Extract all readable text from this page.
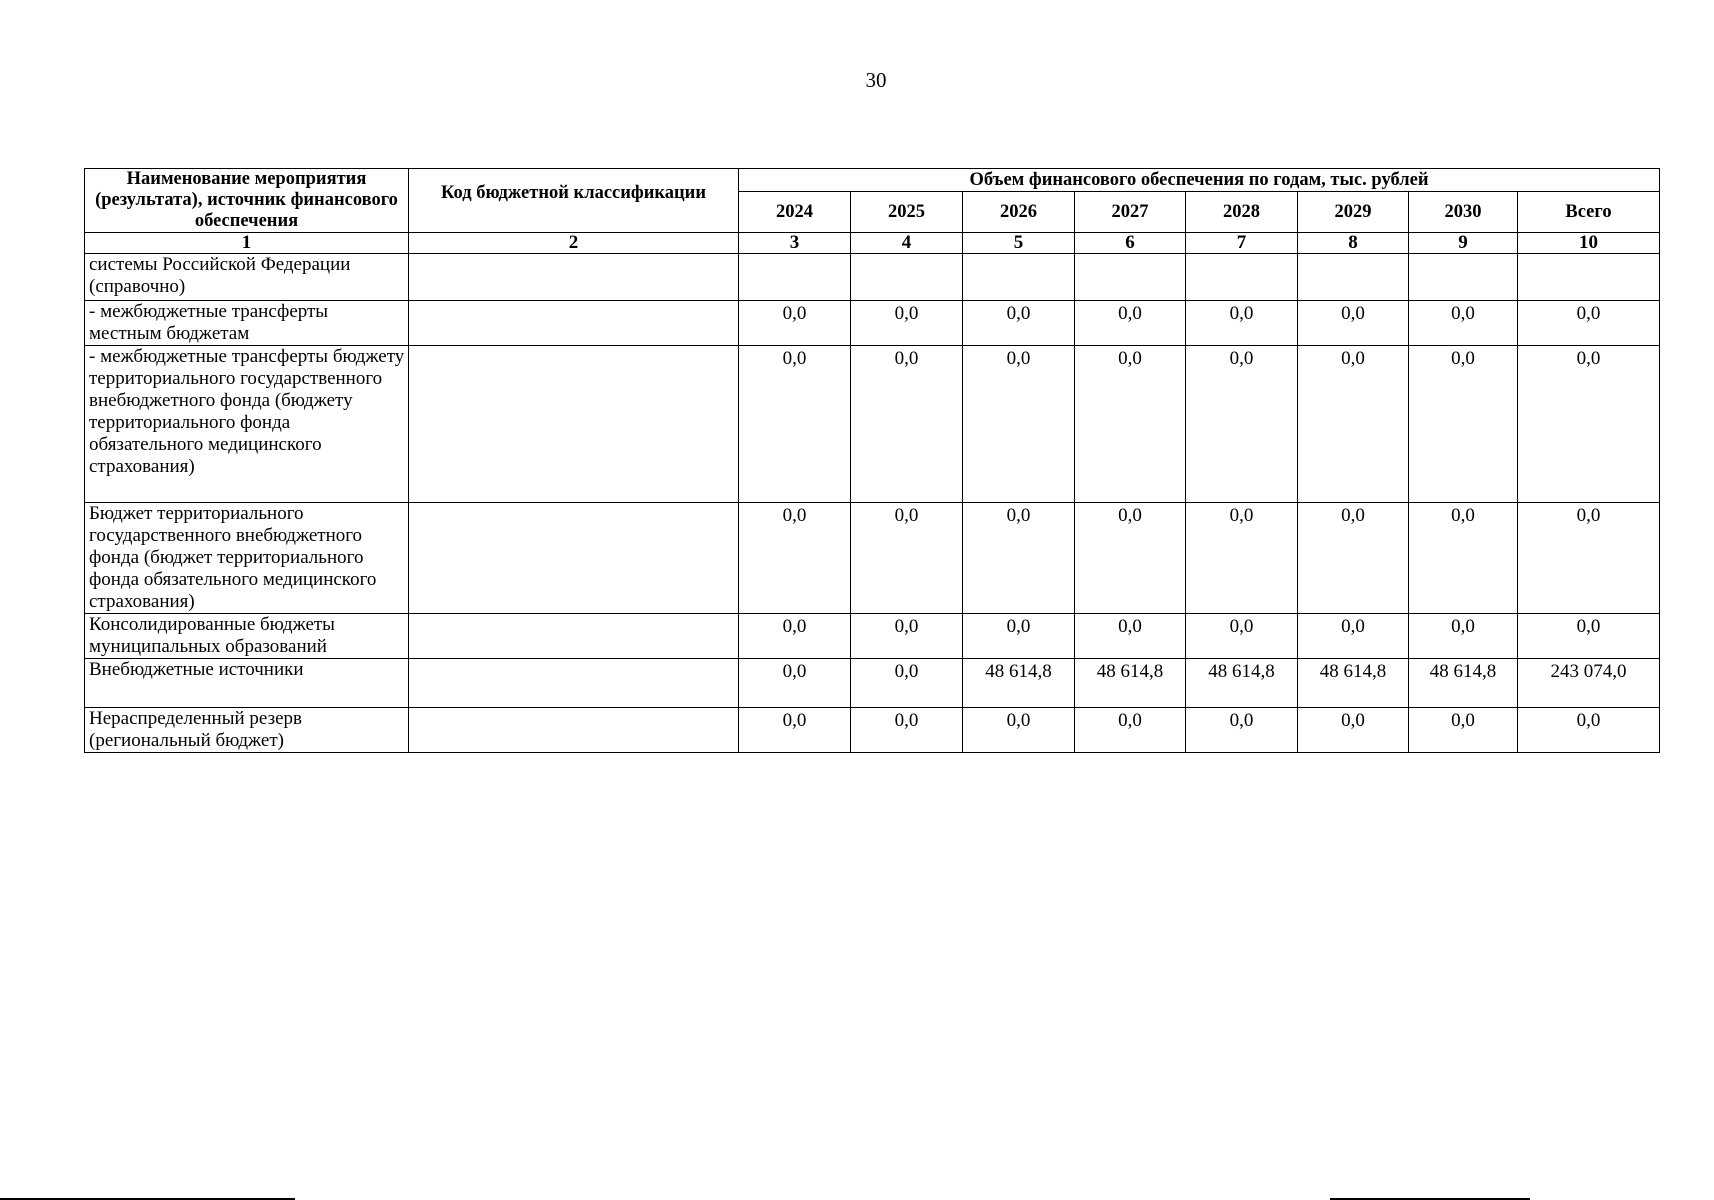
30
Наименование мероприятия (результата), источник финансового обеспечения	Код бюджетной классификации	Объем финансового обеспечения по годам, тыс. рублей							
		2024	2025	2026	2027	2028	2029	2030	Всего
1	2	3	4	5	6	7	8	9	10
системы Российской Федерации (справочно)									
- межбюджетные трансферты местным бюджетам		0,0	0,0	0,0	0,0	0,0	0,0	0,0	0,0
- межбюджетные трансферты бюджету территориального государственного внебюджетного фонда (бюджету территориального фонда обязательного медицинского страхования)		0,0	0,0	0,0	0,0	0,0	0,0	0,0	0,0
Бюджет территориального государственного внебюджетного фонда (бюджет территориального фонда обязательного медицинского страхования)		0,0	0,0	0,0	0,0	0,0	0,0	0,0	0,0
Консолидированные бюджеты муниципальных образований		0,0	0,0	0,0	0,0	0,0	0,0	0,0	0,0
Внебюджетные источники		0,0	0,0	48 614,8	48 614,8	48 614,8	48 614,8	48 614,8	243 074,0
Нераспределенный резерв (региональный бюджет)		0,0	0,0	0,0	0,0	0,0	0,0	0,0	0,0
